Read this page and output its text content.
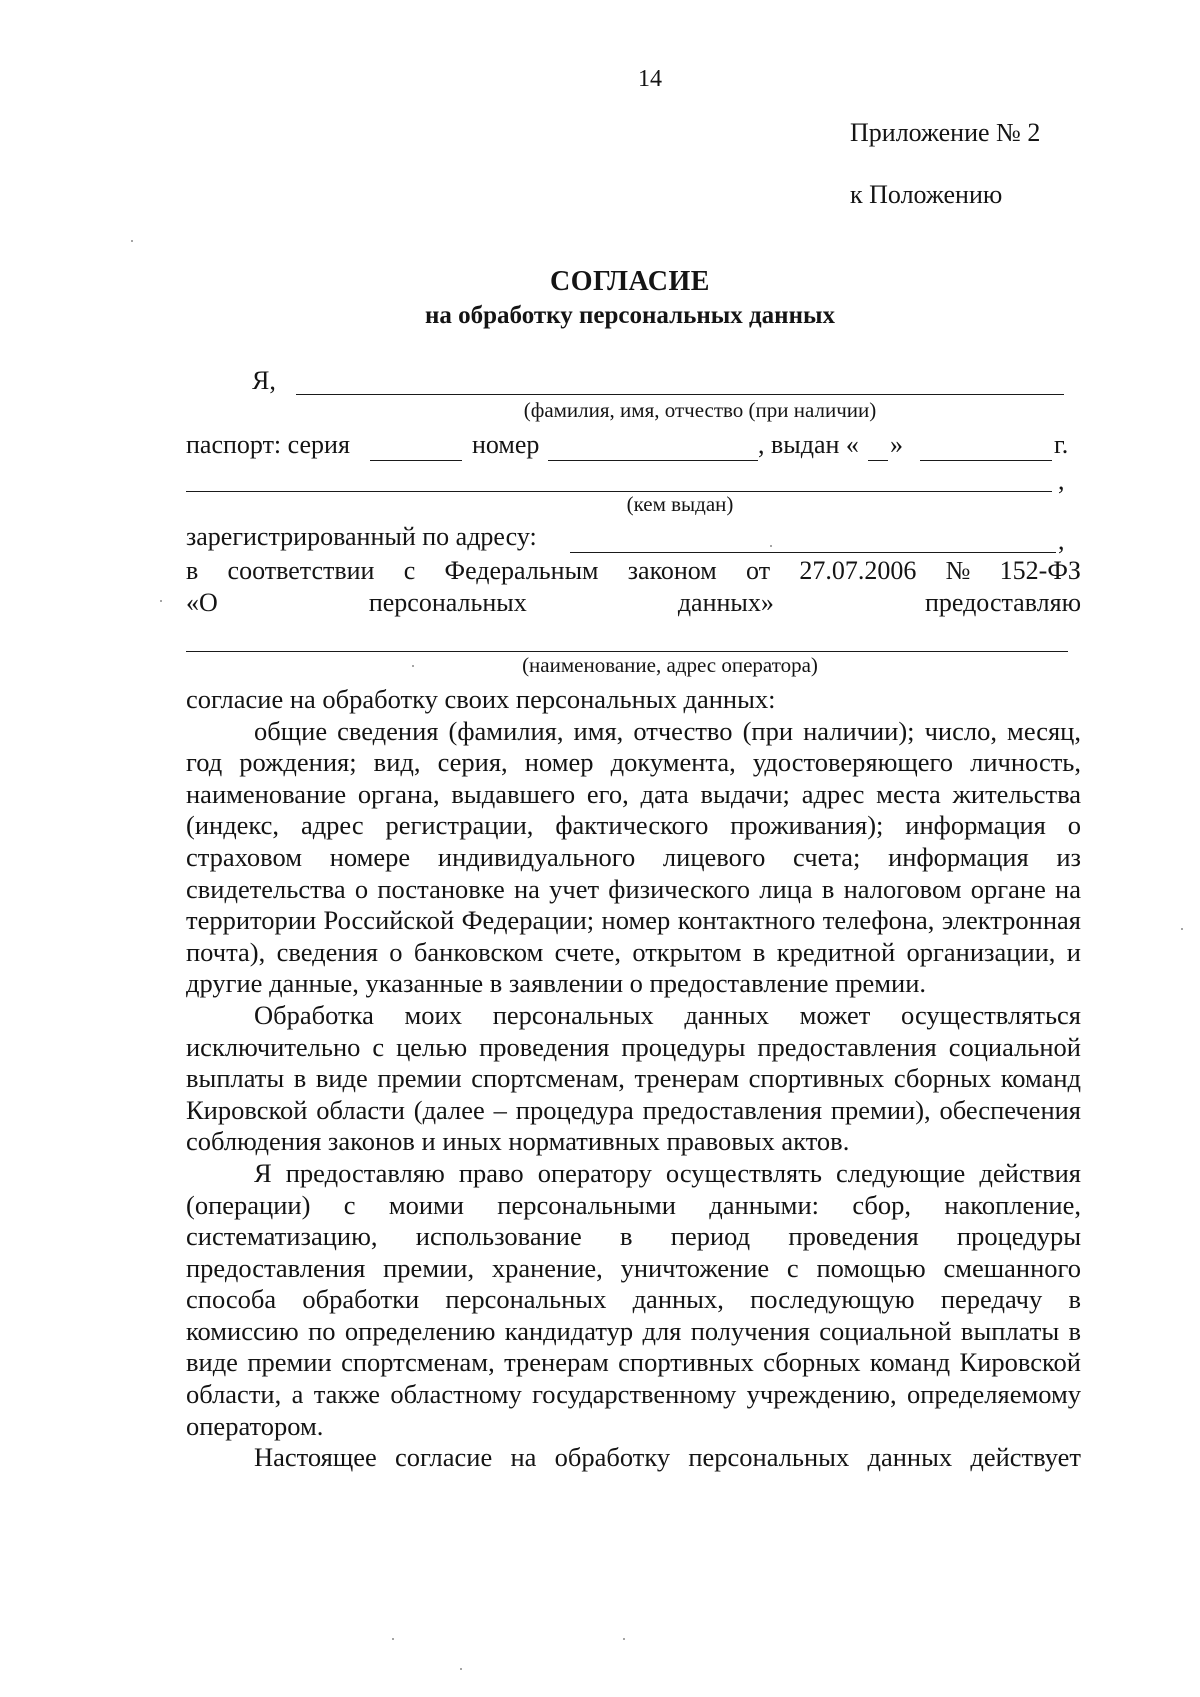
14
Приложение № 2
к Положению
СОГЛАСИЕ
на обработку персональных данных
Я,
(фамилия, имя, отчество (при наличии)
паспорт: серия	номер	, выдан « »	г.
,
(кем выдан)
зарегистрированный по адресу:	,
в соответствии с Федеральным законом от 27.07.2006 № 152-ФЗ
«О	персональных	данных»	предоставляю
(наименование, адрес оператора)

согласие на обработку своих персональных данных:

общие сведения (фамилия, имя, отчество (при наличии); число, месяц, год рождения; вид, серия, номер документа, удостоверяющего личность, наименование органа, выдавшего его, дата выдачи; адрес места жительства (индекс, адрес регистрации, фактического проживания); информация о страховом номере индивидуального лицевого счета; информация из свидетельства о постановке на учет физического лица в налоговом органе на территории Российской Федерации; номер контактного телефона, электронная почта), сведения о банковском счете, открытом в кредитной организации, и другие данные, указанные в заявлении о предоставление премии.

Обработка моих персональных данных может осуществляться исключительно с целью проведения процедуры предоставления социальной выплаты в виде премии спортсменам, тренерам спортивных сборных команд Кировской области (далее – процедура предоставления премии), обеспечения соблюдения законов и иных нормативных правовых актов.

Я предоставляю право оператору осуществлять следующие действия (операции) с моими персональными данными: сбор, накопление, систематизацию, использование в период проведения процедуры предоставления премии, хранение, уничтожение с помощью смешанного способа обработки персональных данных, последующую передачу в комиссию по определению кандидатур для получения социальной выплаты в виде премии спортсменам, тренерам спортивных сборных команд Кировской области, а также областному государственному учреждению, определяемому оператором.

Настоящее согласие на обработку персональных данных действует
